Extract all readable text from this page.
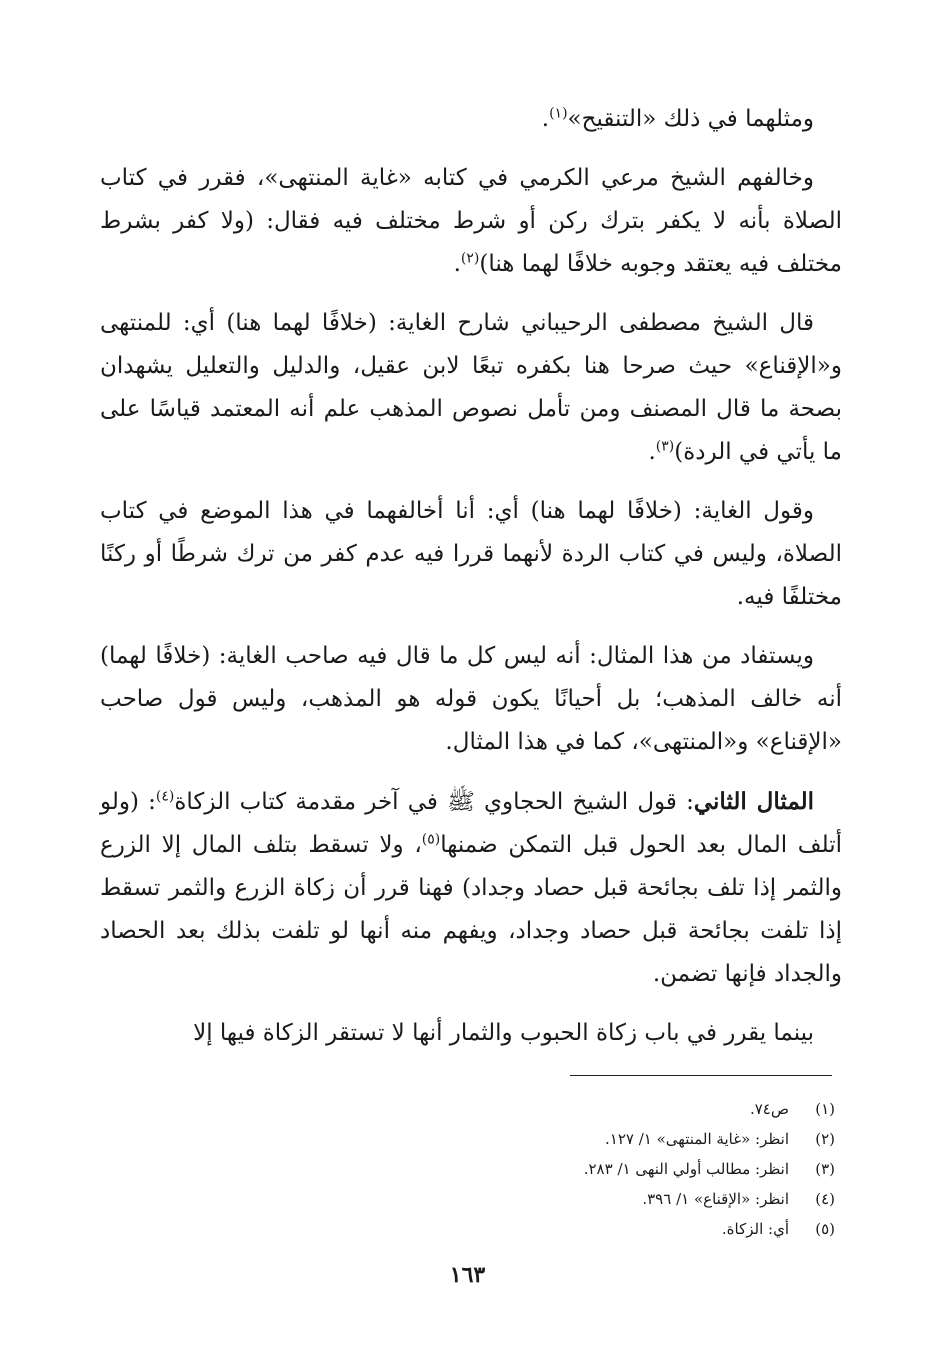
ومثلهما في ذلك «التنقيح»$^{(١)}$.

وخالفهم الشيخ مرعي الكرمي في كتابه «غاية المنتهى»، فقرر في كتاب الصلاة بأنه لا يكفر بترك ركن أو شرط مختلف فيه فقال: (ولا كفر بشرط مختلف فيه يعتقد وجوبه خلافًا لهما هنا)$^{(٢)}$.

قال الشيخ مصطفى الرحيباني شارح الغاية: (خلافًا لهما هنا) أي: للمنتهى و«الإقناع» حيث صرحا هنا بكفره تبعًا لابن عقيل، والدليل والتعليل يشهدان بصحة ما قال المصنف ومن تأمل نصوص المذهب علم أنه المعتمد قياسًا على ما يأتي في الردة)$^{(٣)}$.

وقول الغاية: (خلافًا لهما هنا) أي: أنا أخالفهما في هذا الموضع في كتاب الصلاة، وليس في كتاب الردة لأنهما قررا فيه عدم كفر من ترك شرطًا أو ركنًا مختلفًا فيه.

ويستفاد من هذا المثال: أنه ليس كل ما قال فيه صاحب الغاية: (خلافًا لهما) أنه خالف المذهب؛ بل أحيانًا يكون قوله هو المذهب، وليس قول صاحب «الإقناع» و«المنتهى»، كما في هذا المثال.

المثال الثاني: قول الشيخ الحجاوي ﷺ في آخر مقدمة كتاب الزكاة$^{(٤)}$: (ولو أتلف المال بعد الحول قبل التمكن ضمنها$^{(٥)}$، ولا تسقط بتلف المال إلا الزرع والثمر إذا تلف بجائحة قبل حصاد وجداد) فهنا قرر أن زكاة الزرع والثمر تسقط إذا تلفت بجائحة قبل حصاد وجداد، ويفهم منه أنها لو تلفت بذلك بعد الحصاد والجداد فإنها تضمن.

بينما يقرر في باب زكاة الحبوب والثمار أنها لا تستقر الزكاة فيها إلا

(١)ص٧٤.
(٢)انظر: «غاية المنتهى» ١/ ١٢٧.
(٣)انظر: مطالب أولي النهى ١/ ٢٨٣.
(٤)انظر: «الإقناع» ١/ ٣٩٦.
(٥)أي: الزكاة.
١٦٣
